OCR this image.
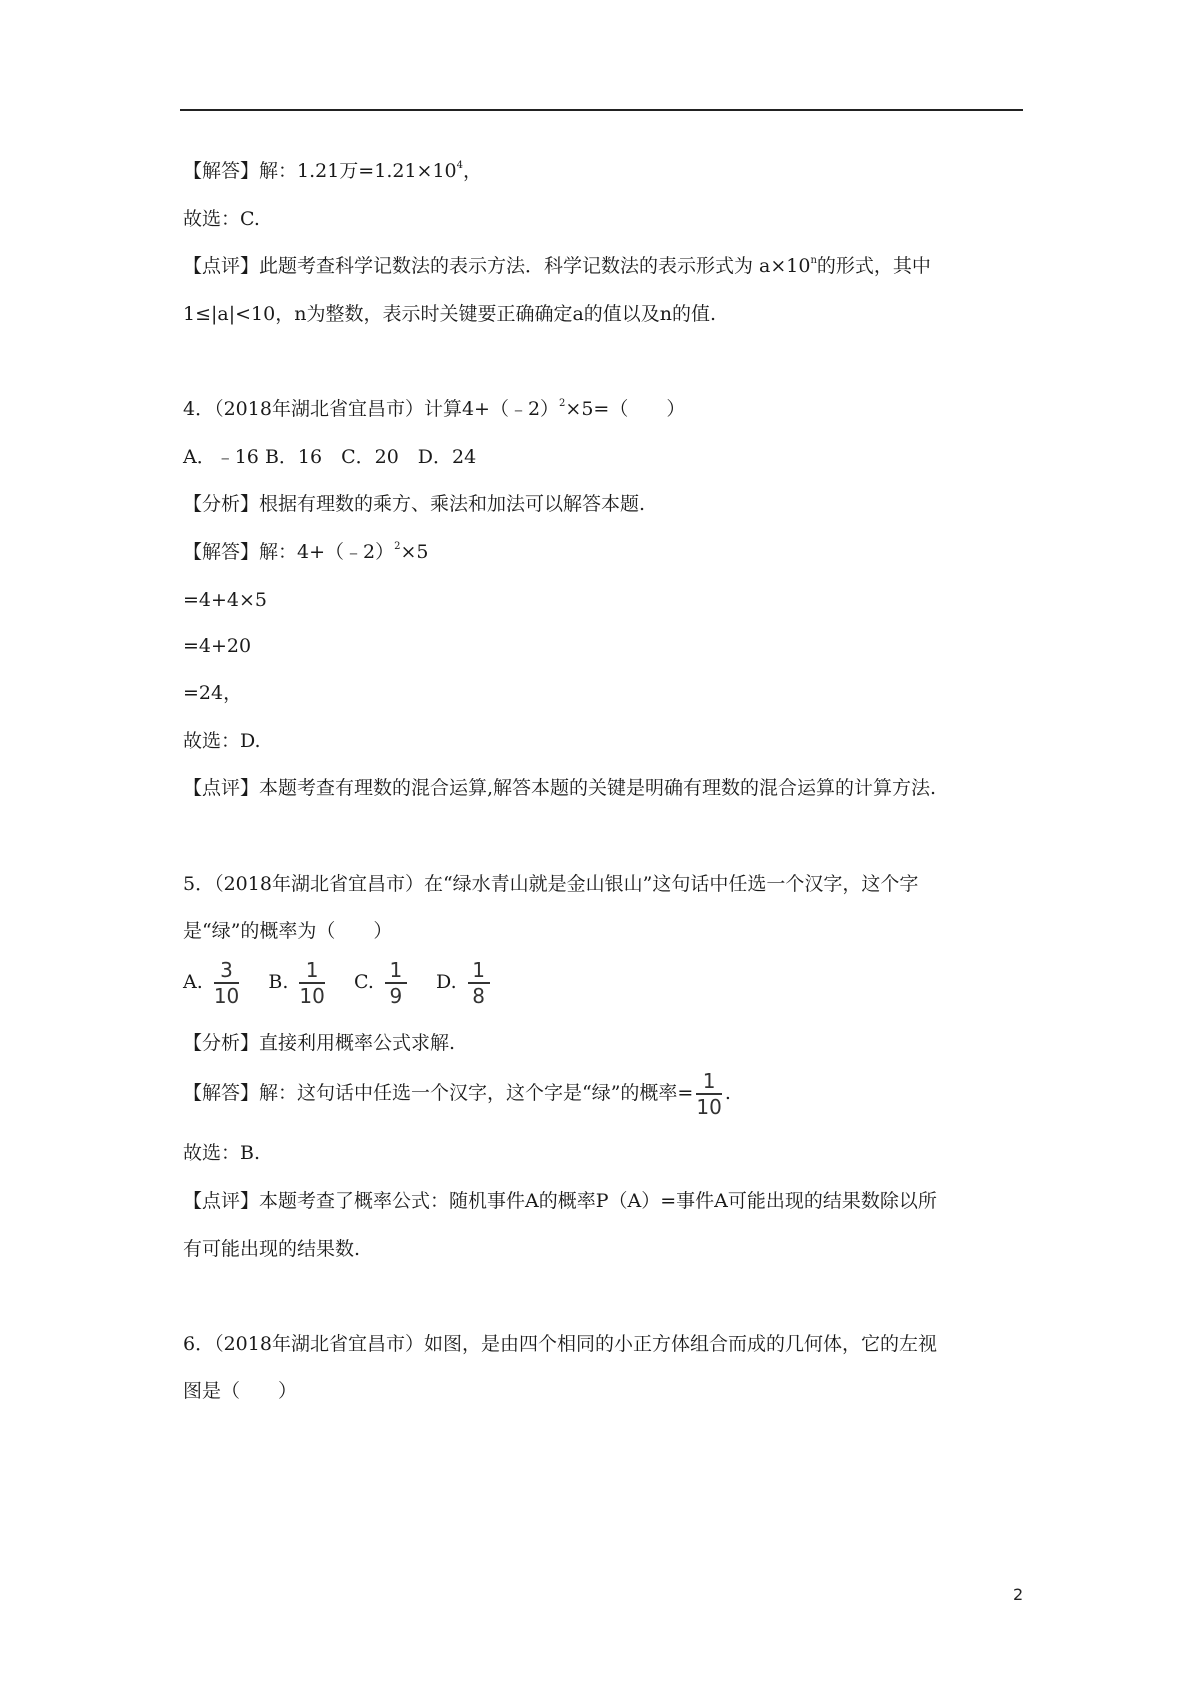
【解答】解：1.21万$=1.21\times 10^4$，
故选：C.
【点评】此题考查科学记数法的表示方法．科学记数法的表示形式为 $a\times 10^n$的形式，其中
1≤|a|<10，n为整数，表示时关键要正确确定a的值以及n的值.
4．（2018年湖北省宜昌市）计算4+（﹣2）$^2$×5=（　　）
A．﹣16 B．16　C．20　D．24
【分析】根据有理数的乘方、乘法和加法可以解答本题.
【解答】解：4+（﹣2）$^2$×5
=4+4×5
=4+20
=24，
故选：D.
【点评】本题考查有理数的混合运算,解答本题的关键是明确有理数的混合运算的计算方法.
5．（2018年湖北省宜昌市）在“绿水青山就是金山银山”这句话中任选一个汉字，这个字
是“绿”的概率为（　　）
A. $\frac{3}{10} B$. $\frac{1}{10} C$. $\frac{1}{9} D$. $\frac{1}{8}$
【分析】直接利用概率公式求解.
【解答】解：这句话中任选一个汉字，这个字是“绿”的概率= $\frac{1}{10}$ .
故选：B.
【点评】本题考查了概率公式：随机事件A的概率P（A）=事件A可能出现的结果数除以所
有可能出现的结果数.
6．（2018年湖北省宜昌市）如图，是由四个相同的小正方体组合而成的几何体，它的左视
图是（　　）
2
